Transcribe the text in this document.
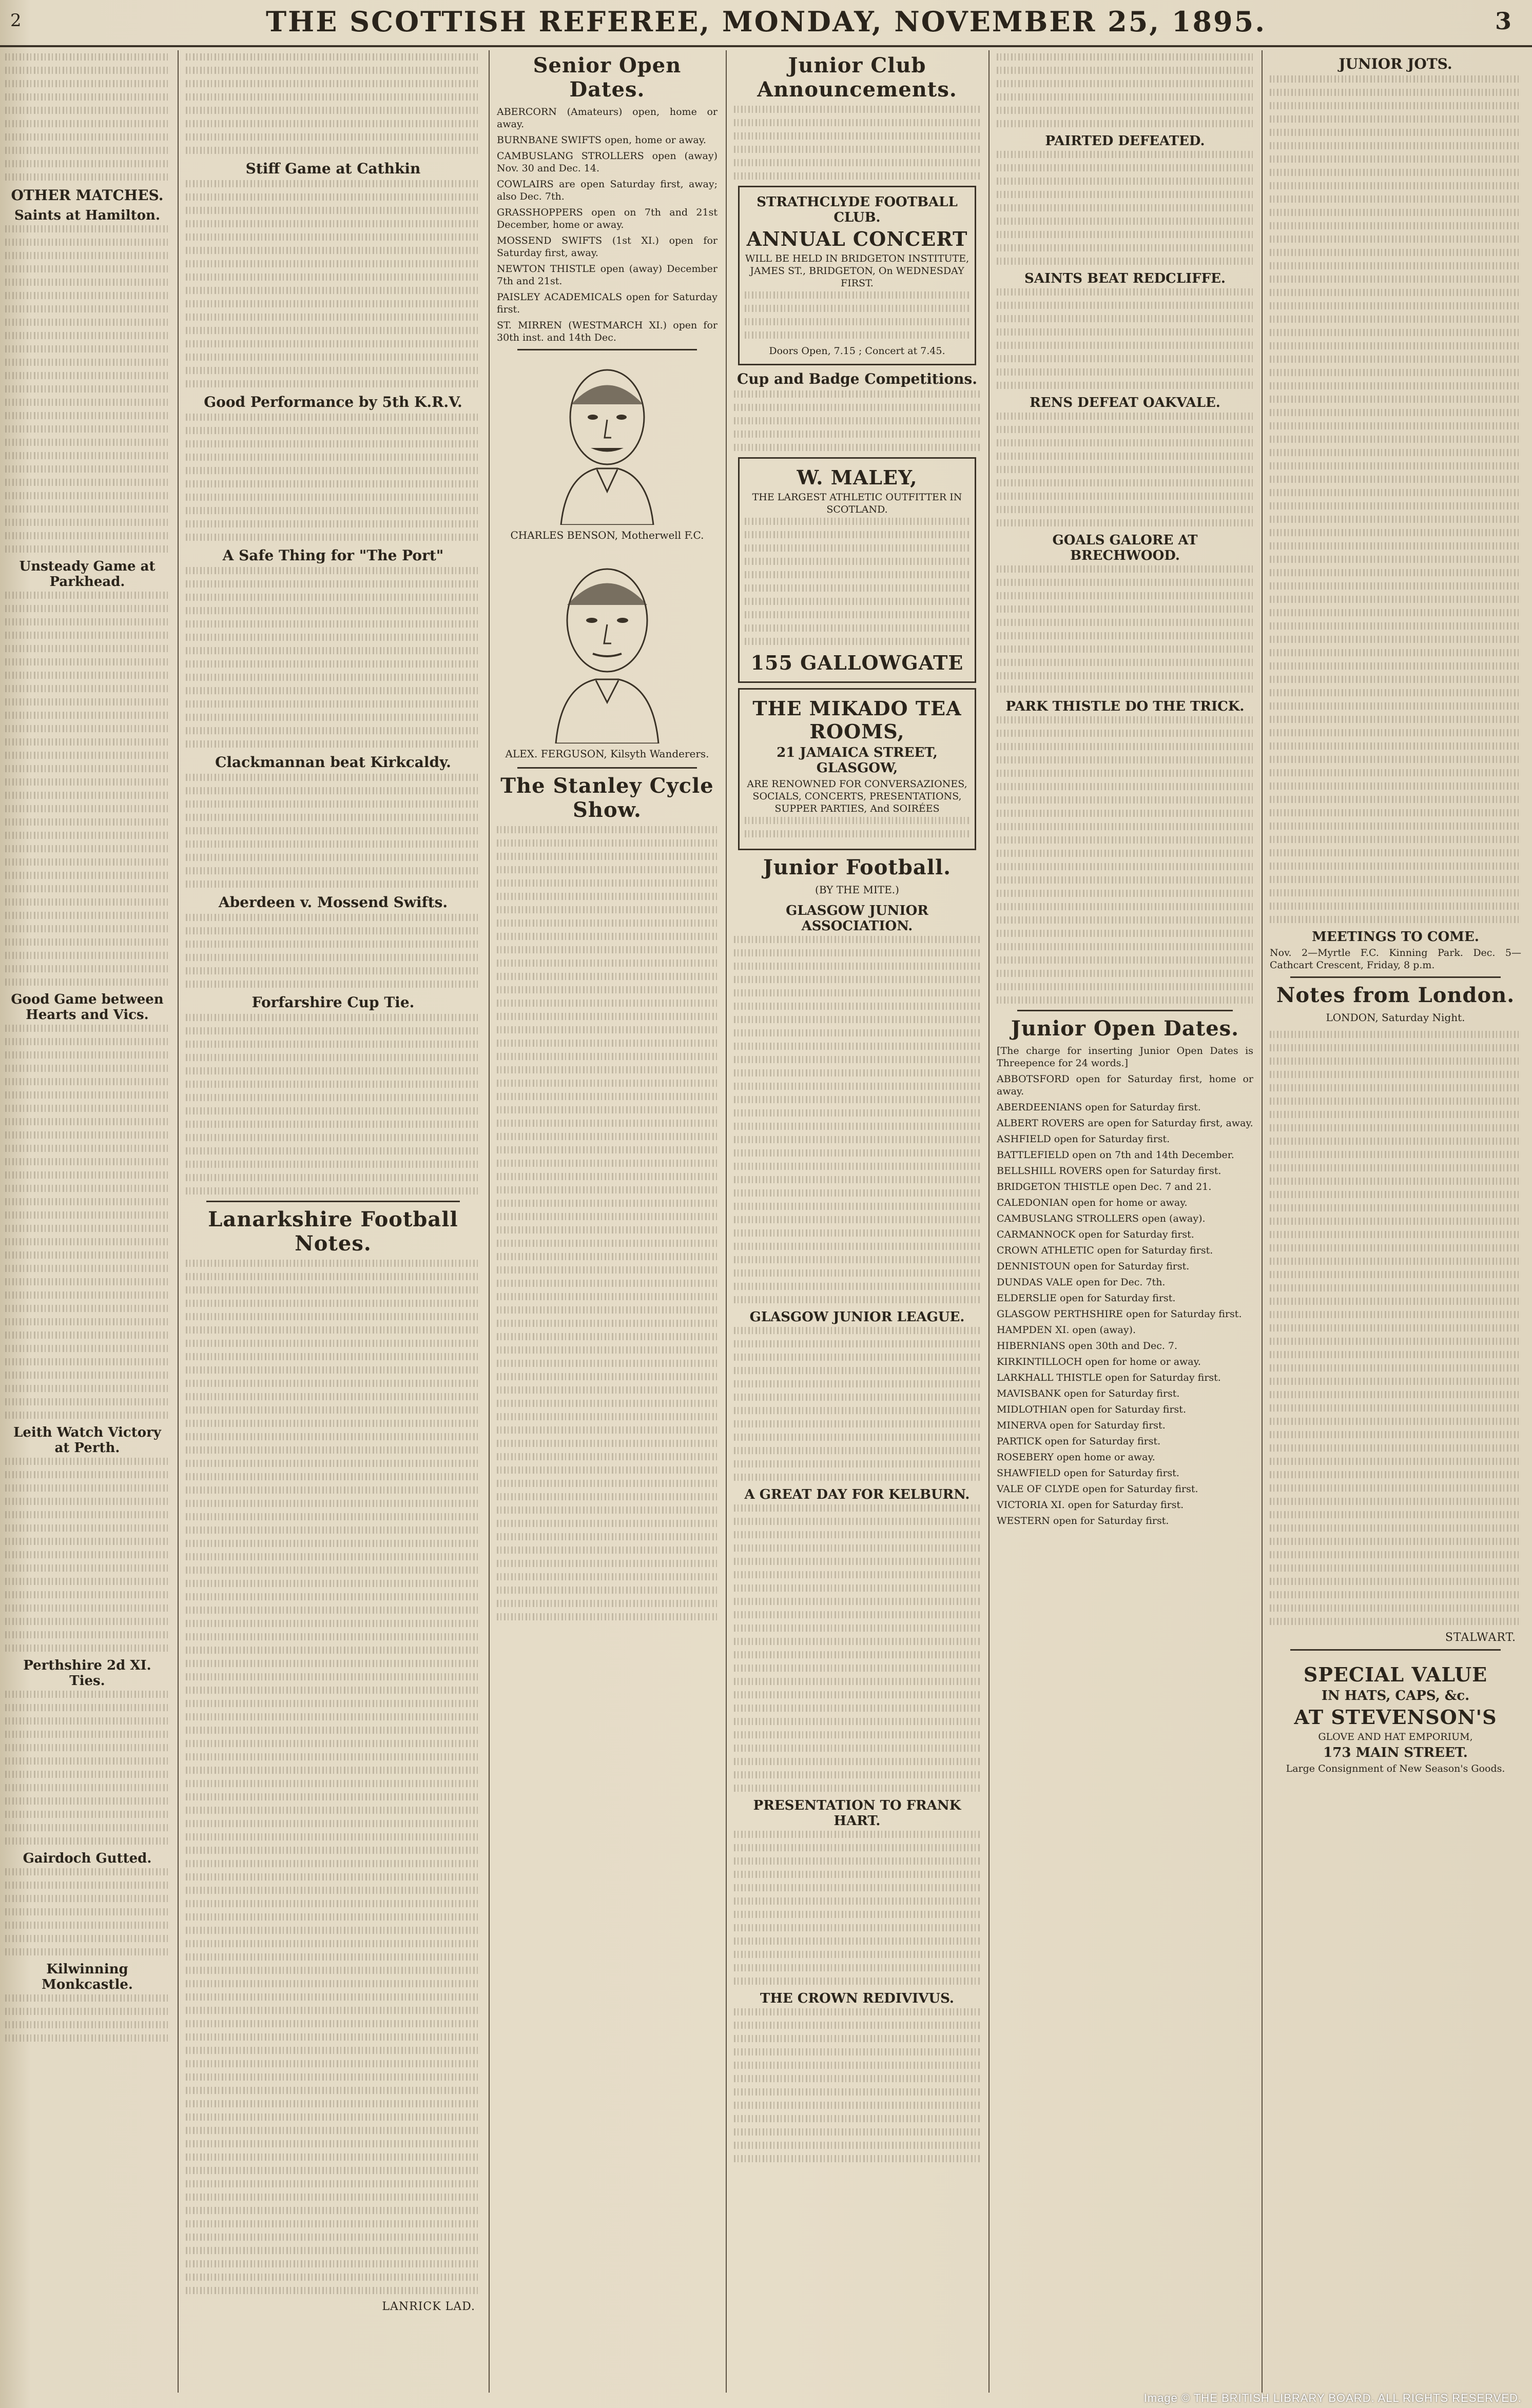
2	THE SCOTTISH REFEREE, MONDAY, NOVEMBER 25, 1895.	3
OTHER MATCHES.
Saints at Hamilton.
Unsteady Game at Parkhead.
Good Game between Hearts and Vics.
Leith Watch Victory at Perth.
Perthshire 2d XI. Ties.
Gairdoch Gutted.
Kilwinning Monkcastle.
Stiff Game at Cathkin
Good Performance by 5th K.R.V.
A Safe Thing for "The Port"
Clackmannan beat Kirkcaldy.
Aberdeen v. Mossend Swifts.
Forfarshire Cup Tie.
Lanarkshire Football Notes.
LANRICK LAD.
Senior Open Dates.
ABERCORN (Amateurs) open, home or away.
BURNBANE SWIFTS open, home or away.
CAMBUSLANG STROLLERS open (away) Nov. 30 and Dec. 14.
COWLAIRS are open Saturday first, away; also Dec. 7th.
GRASSHOPPERS open on 7th and 21st December, home or away.
MOSSEND SWIFTS (1st XI.) open for Saturday first, away.
NEWTON THISTLE open (away) December 7th and 21st.
PAISLEY ACADEMICALS open for Saturday first.
ST. MIRREN (WESTMARCH XI.) open for 30th inst. and 14th Dec.
CHARLES BENSON, Motherwell F.C.
ALEX. FERGUSON, Kilsyth Wanderers.
The Stanley Cycle Show.
Junior Club Announcements.
STRATHCLYDE FOOTBALL CLUB.
ANNUAL CONCERT
WILL BE HELD IN BRIDGETON INSTITUTE, JAMES ST., BRIDGETON, On WEDNESDAY FIRST.
Doors Open, 7.15 ; Concert at 7.45.
Cup and Badge Competitions.
W. MALEY,
THE LARGEST ATHLETIC OUTFITTER IN SCOTLAND.
155 GALLOWGATE
THE MIKADO TEA ROOMS,
21 JAMAICA STREET, GLASGOW,
ARE RENOWNED FOR CONVERSAZIONES, SOCIALS, CONCERTS, PRESENTATIONS, SUPPER PARTIES, And SOIRÉES
Junior Football.
(BY THE MITE.)
GLASGOW JUNIOR ASSOCIATION.
GLASGOW JUNIOR LEAGUE.
A GREAT DAY FOR KELBURN.
PRESENTATION TO FRANK HART.
THE CROWN REDIVIVUS.
PAIRTED DEFEATED.
SAINTS BEAT REDCLIFFE.
RENS DEFEAT OAKVALE.
GOALS GALORE AT BRECHWOOD.
PARK THISTLE DO THE TRICK.
Junior Open Dates.
[The charge for inserting Junior Open Dates is Threepence for 24 words.]
ABBOTSFORD open for Saturday first, home or away.
ABERDEENIANS open for Saturday first.
ALBERT ROVERS are open for Saturday first, away.
ASHFIELD open for Saturday first.
BATTLEFIELD open on 7th and 14th December.
BELLSHILL ROVERS open for Saturday first.
BRIDGETON THISTLE open Dec. 7 and 21.
CALEDONIAN open for home or away.
CAMBUSLANG STROLLERS open (away).
CARMANNOCK open for Saturday first.
CROWN ATHLETIC open for Saturday first.
DENNISTOUN open for Saturday first.
DUNDAS VALE open for Dec. 7th.
ELDERSLIE open for Saturday first.
GLASGOW PERTHSHIRE open for Saturday first.
HAMPDEN XI. open (away).
HIBERNIANS open 30th and Dec. 7.
KIRKINTILLOCH open for home or away.
LARKHALL THISTLE open for Saturday first.
MAVISBANK open for Saturday first.
MIDLOTHIAN open for Saturday first.
MINERVA open for Saturday first.
PARTICK open for Saturday first.
ROSEBERY open home or away.
SHAWFIELD open for Saturday first.
VALE OF CLYDE open for Saturday first.
VICTORIA XI. open for Saturday first.
WESTERN open for Saturday first.
JUNIOR JOTS.
MEETINGS TO COME.
Nov. 2—Myrtle F.C. Kinning Park. Dec. 5—Cathcart Crescent, Friday, 8 p.m.
Notes from London.
LONDON, Saturday Night.
STALWART.
SPECIAL VALUE
IN HATS, CAPS, &c.
AT STEVENSON'S
GLOVE AND HAT EMPORIUM,
173 MAIN STREET.
Large Consignment of New Season's Goods.
Image © THE BRITISH LIBRARY BOARD. ALL RIGHTS RESERVED.
